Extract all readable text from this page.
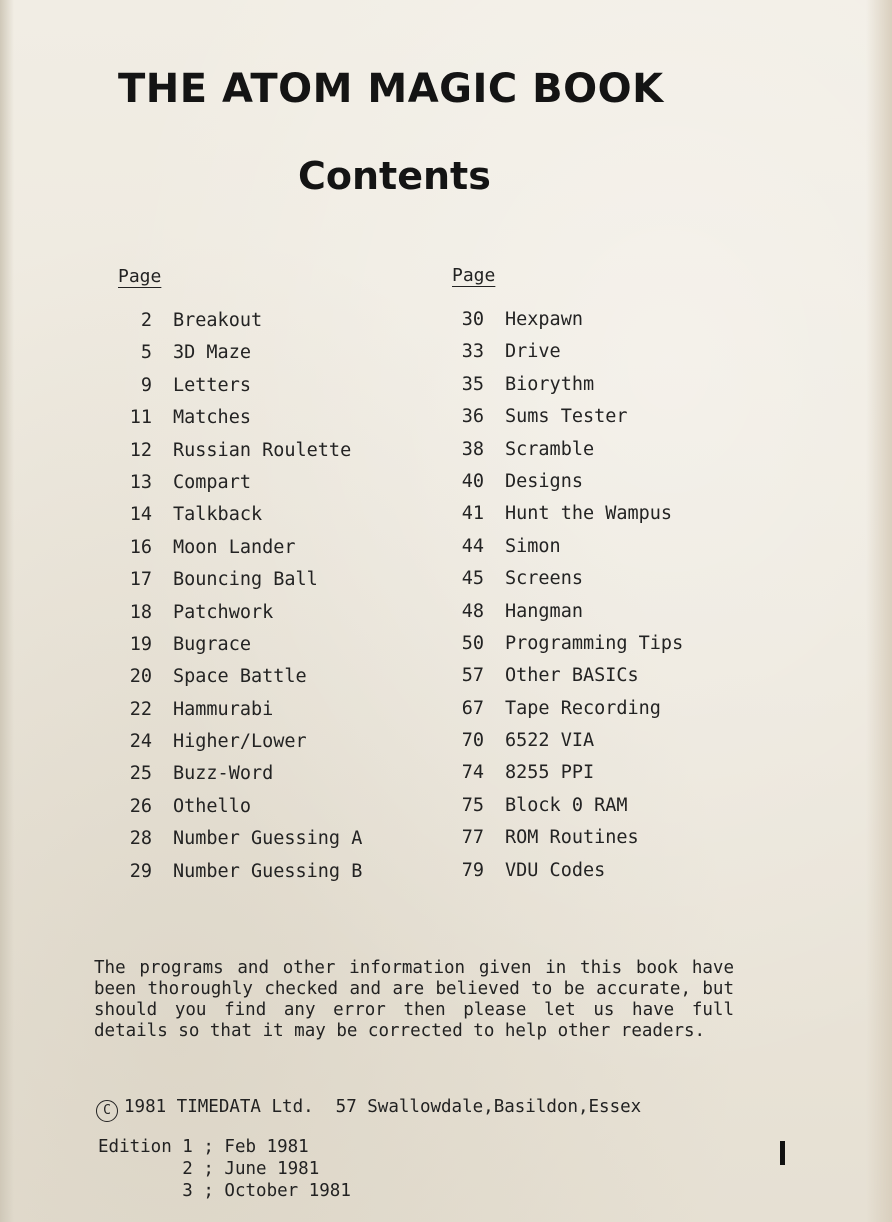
THE ATOM MAGIC BOOK
Contents
Page	Page
2 Breakout
5 3D Maze
9 Letters
11 Matches
12 Russian Roulette
13 Compart
14 Talkback
16 Moon Lander
17 Bouncing Ball
18 Patchwork
19 Bugrace
20 Space Battle
22 Hammurabi
24 Higher/Lower
25 Buzz-Word
26 Othello
28 Number Guessing A
29 Number Guessing B
30 Hexpawn
33 Drive
35 Biorythm
36 Sums Tester
38 Scramble
40 Designs
41 Hunt the Wampus
44 Simon
45 Screens
48 Hangman
50 Programming Tips
57 Other BASICs
67 Tape Recording
70 6522 VIA
74 8255 PPI
75 Block 0 RAM
77 ROM Routines
79 VDU Codes

The programs and other information given in this book have been thoroughly checked and are believed to be accurate, but should you find any error then please let us have full details so that it may be corrected to help other readers.

C 1981 TIMEDATA Ltd. 57 Swallowdale,Basildon,Essex
Edition 1 ; Feb 1981
2 ; June 1981
3 ; October 1981
